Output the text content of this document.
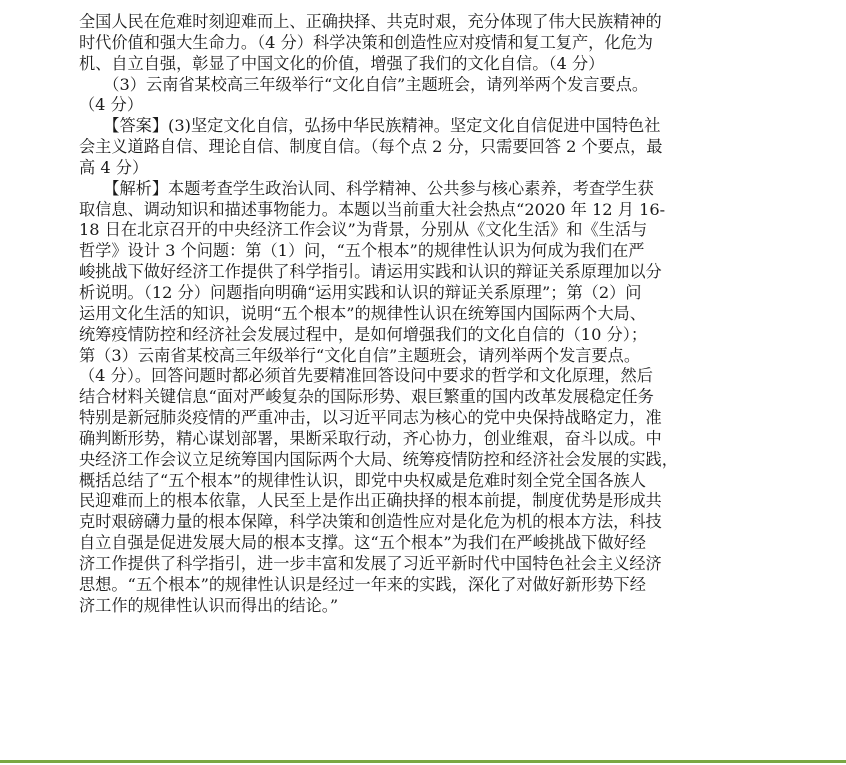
全国人民在危难时刻迎难而上、正确抉择、共克时艰，充分体现了伟大民族精神的
时代价值和强大生命力。（4 分）科学决策和创造性应对疫情和复工复产，化危为
机、自立自强，彰显了中国文化的价值，增强了我们的文化自信。（4 分）
　　（3）云南省某校高三年级举行“文化自信”主题班会，请列举两个发言要点。
（4 分）
　　【答案】(3)坚定文化自信，弘扬中华民族精神。坚定文化自信促进中国特色社
会主义道路自信、理论自信、制度自信。（每个点 2 分，只需要回答 2 个要点，最
高 4 分）
　　【解析】本题考查学生政治认同、科学精神、公共参与核心素养，考查学生获
取信息、调动知识和描述事物能力。本题以当前重大社会热点“2020 年 12 月 16-
18 日在北京召开的中央经济工作会议”为背景，分别从《文化生活》和《生活与
哲学》设计 3 个问题：第（1）问，“五个根本”的规律性认识为何成为我们在严
峻挑战下做好经济工作提供了科学指引。请运用实践和认识的辩证关系原理加以分
析说明。（12 分）问题指向明确“运用实践和认识的辩证关系原理”；第（2）问
运用文化生活的知识，说明“五个根本”的规律性认识在统筹国内国际两个大局、
统筹疫情防控和经济社会发展过程中，是如何增强我们的文化自信的（10 分）；
第（3）云南省某校高三年级举行“文化自信”主题班会，请列举两个发言要点。
（4 分）。回答问题时都必须首先要精准回答设问中要求的哲学和文化原理，然后
结合材料关键信息“面对严峻复杂的国际形势、艰巨繁重的国内改革发展稳定任务
特别是新冠肺炎疫情的严重冲击，以习近平同志为核心的党中央保持战略定力，准
确判断形势，精心谋划部署，果断采取行动，齐心协力，创业维艰，奋斗以成。中
央经济工作会议立足统筹国内国际两个大局、统筹疫情防控和经济社会发展的实践，
概括总结了“五个根本”的规律性认识，即党中央权威是危难时刻全党全国各族人
民迎难而上的根本依靠，人民至上是作出正确抉择的根本前提，制度优势是形成共
克时艰磅礴力量的根本保障，科学决策和创造性应对是化危为机的根本方法，科技
自立自强是促进发展大局的根本支撑。这“五个根本”为我们在严峻挑战下做好经
济工作提供了科学指引，进一步丰富和发展了习近平新时代中国特色社会主义经济
思想。“五个根本”的规律性认识是经过一年来的实践，深化了对做好新形势下经
济工作的规律性认识而得出的结论。”
